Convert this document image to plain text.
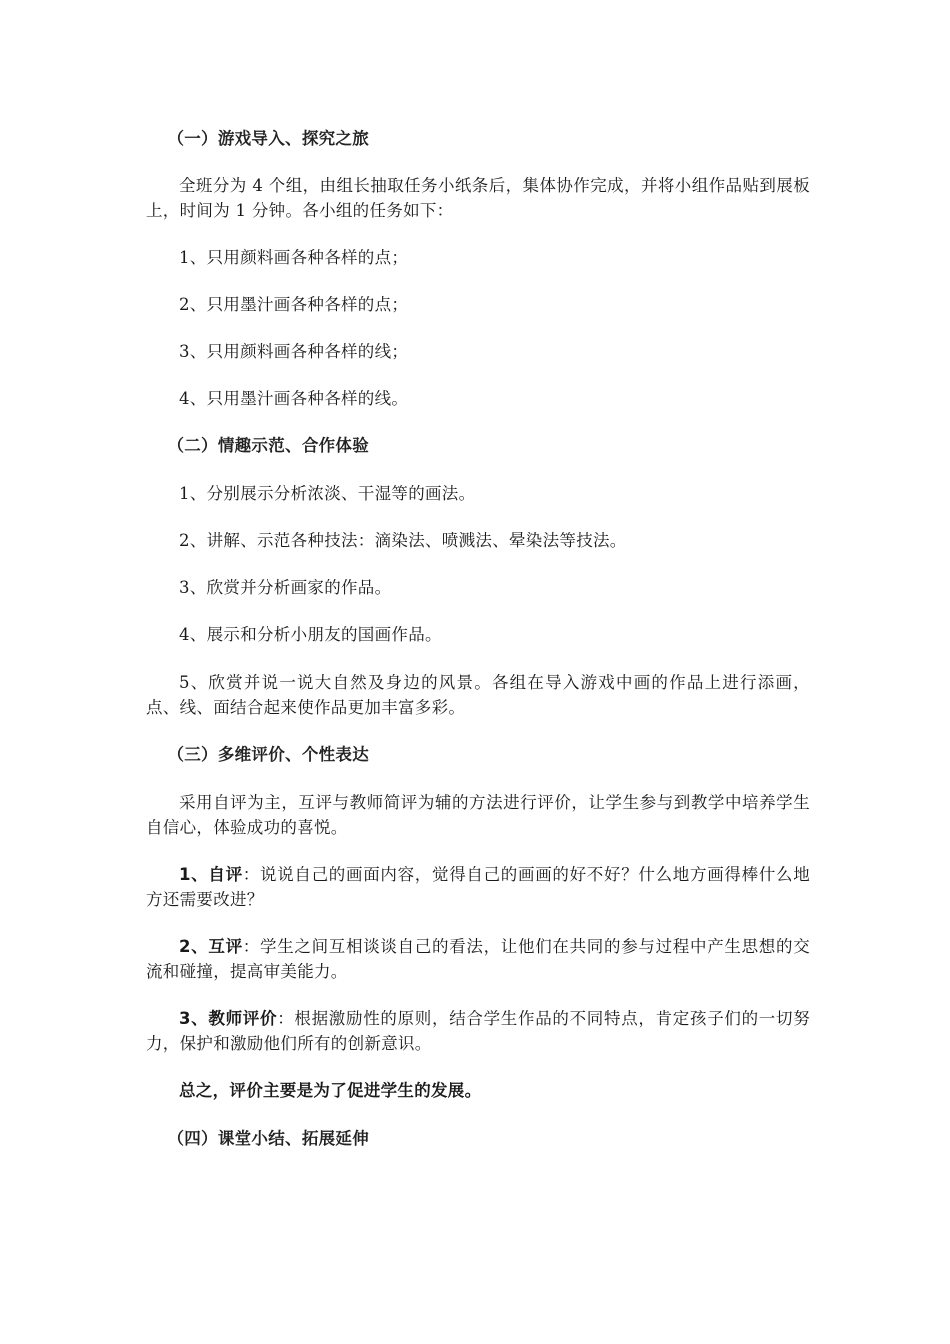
（一）游戏导入、探究之旅

全班分为 4 个组，由组长抽取任务小纸条后，集体协作完成，并将小组作品贴到展板上，时间为 1 分钟。各小组的任务如下：

1、只用颜料画各种各样的点；

2、只用墨汁画各种各样的点；

3、只用颜料画各种各样的线；

4、只用墨汁画各种各样的线。

（二）情趣示范、合作体验

1、分别展示分析浓淡、干湿等的画法。

2、讲解、示范各种技法：滴染法、喷溅法、晕染法等技法。

3、欣赏并分析画家的作品。

4、展示和分析小朋友的国画作品。

5、欣赏并说一说大自然及身边的风景。各组在导入游戏中画的作品上进行添画，点、线、面结合起来使作品更加丰富多彩。

（三）多维评价、个性表达

采用自评为主，互评与教师简评为辅的方法进行评价，让学生参与到教学中培养学生自信心，体验成功的喜悦。

1、自评：说说自己的画面内容，觉得自己的画画的好不好？什么地方画得棒什么地方还需要改进？

2、互评：学生之间互相谈谈自己的看法，让他们在共同的参与过程中产生思想的交流和碰撞，提高审美能力。

3、教师评价：根据激励性的原则，结合学生作品的不同特点，肯定孩子们的一切努力，保护和激励他们所有的创新意识。

总之，评价主要是为了促进学生的发展。

（四）课堂小结、拓展延伸
